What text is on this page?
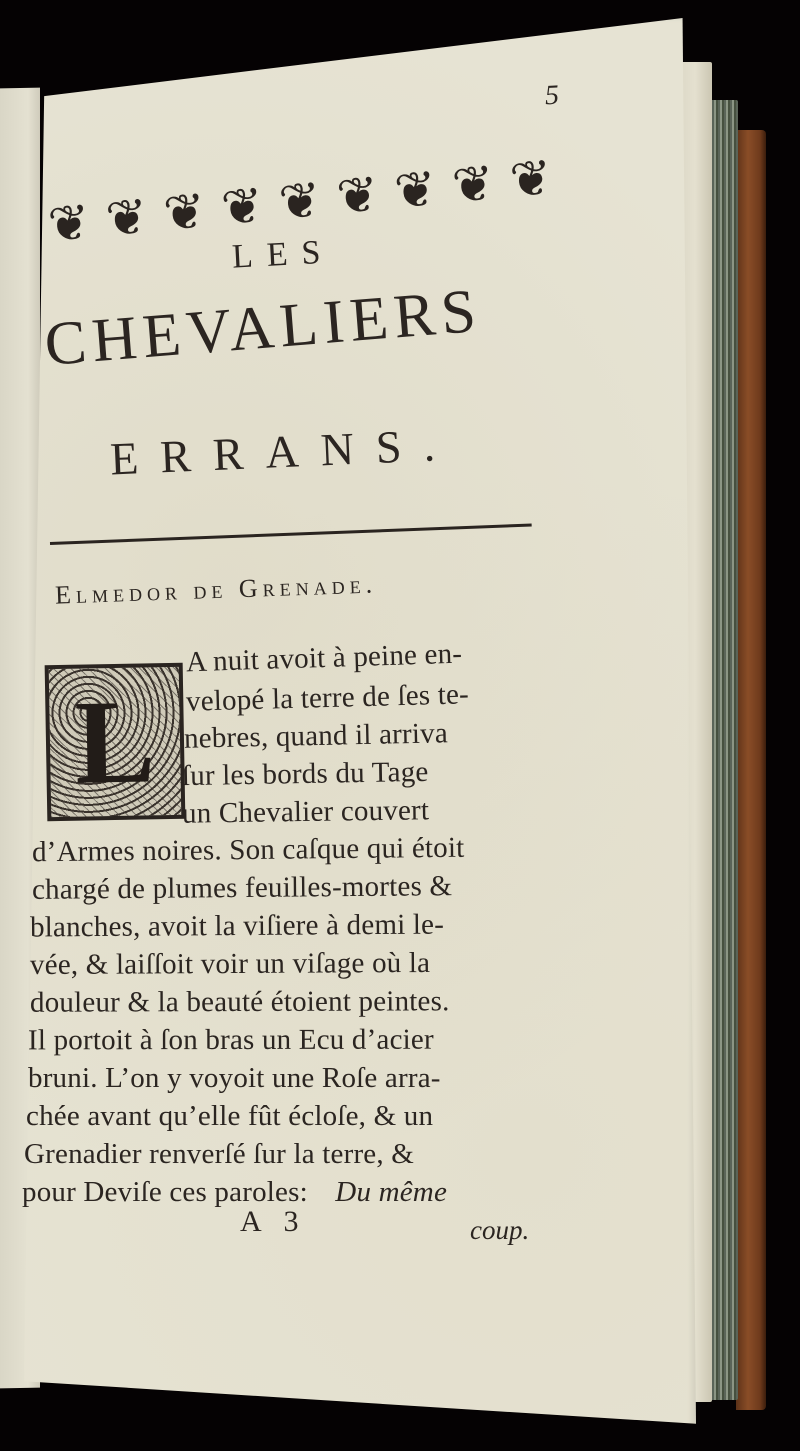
5
❦ ❦ ❦ ❦ ❦ ❦ ❦ ❦ ❦
LES
CHEVALIERS
ERRANS.
Elmedor de Grenade.
L
A nuit avoit à peine en-
velopé la terre de ſes te-
nebres, quand il arriva
ſur les bords du Tage
un Chevalier couvert
d’Armes noires. Son caſque qui étoit
chargé de plumes feuilles-mortes &
blanches, avoit la viſiere à demi le-
vée, & laiſſoit voir un viſage où la
douleur & la beauté étoient peintes.
Il portoit à ſon bras un Ecu d’acier
bruni. L’on y voyoit une Roſe arra-
chée avant qu’elle fût écloſe, & un
Grenadier renverſé ſur la terre, &
pour Deviſe ces paroles: Du même
A 3	coup.
